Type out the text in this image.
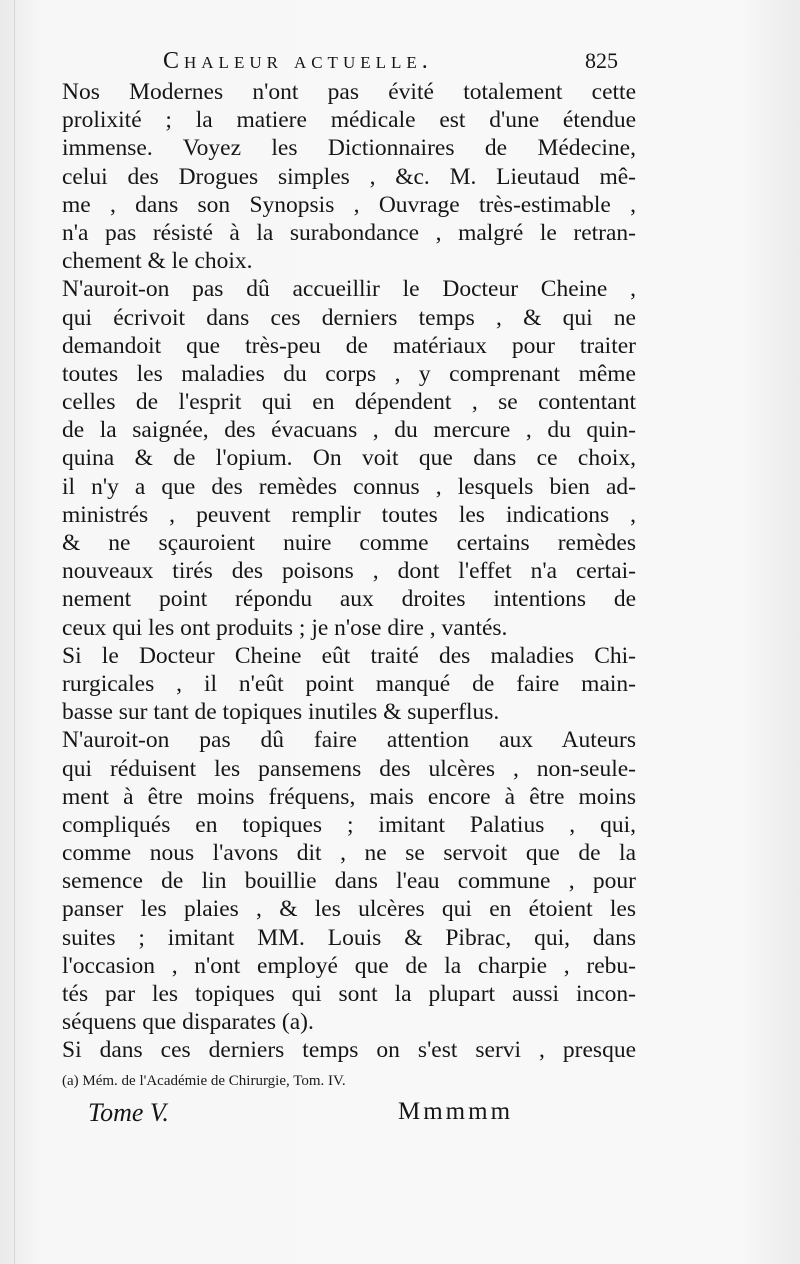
Chaleur actuelle.	825
Nos Modernes n'ont pas évité totalement cette
prolixité ; la matiere médicale est d'une étendue
immense. Voyez les Dictionnaires de Médecine,
celui des Drogues simples , &c. M. Lieutaud mê-
me , dans son Synopsis , Ouvrage très-estimable ,
n'a pas résisté à la surabondance , malgré le retran-
chement & le choix.
N'auroit-on pas dû accueillir le Docteur Cheine ,
qui écrivoit dans ces derniers temps , & qui ne
demandoit que très-peu de matériaux pour traiter
toutes les maladies du corps , y comprenant même
celles de l'esprit qui en dépendent , se contentant
de la saignée, des évacuans , du mercure , du quin-
quina & de l'opium. On voit que dans ce choix,
il n'y a que des remèdes connus , lesquels bien ad-
ministrés , peuvent remplir toutes les indications ,
& ne sçauroient nuire comme certains remèdes
nouveaux tirés des poisons , dont l'effet n'a certai-
nement point répondu aux droites intentions de
ceux qui les ont produits ; je n'ose dire , vantés.
Si le Docteur Cheine eût traité des maladies Chi-
rurgicales , il n'eût point manqué de faire main-
basse sur tant de topiques inutiles & superflus.
N'auroit-on pas dû faire attention aux Auteurs
qui réduisent les pansemens des ulcères , non-seule-
ment à être moins fréquens, mais encore à être moins
compliqués en topiques ; imitant Palatius , qui,
comme nous l'avons dit , ne se servoit que de la
semence de lin bouillie dans l'eau commune , pour
panser les plaies , & les ulcères qui en étoient les
suites ; imitant MM. Louis & Pibrac, qui, dans
l'occasion , n'ont employé que de la charpie , rebu-
tés par les topiques qui sont la plupart aussi incon-
séquens que disparates (a).
Si dans ces derniers temps on s'est servi , presque
(a) Mém. de l'Académie de Chirurgie, Tom. IV.
Tome V.	Mmmmm
